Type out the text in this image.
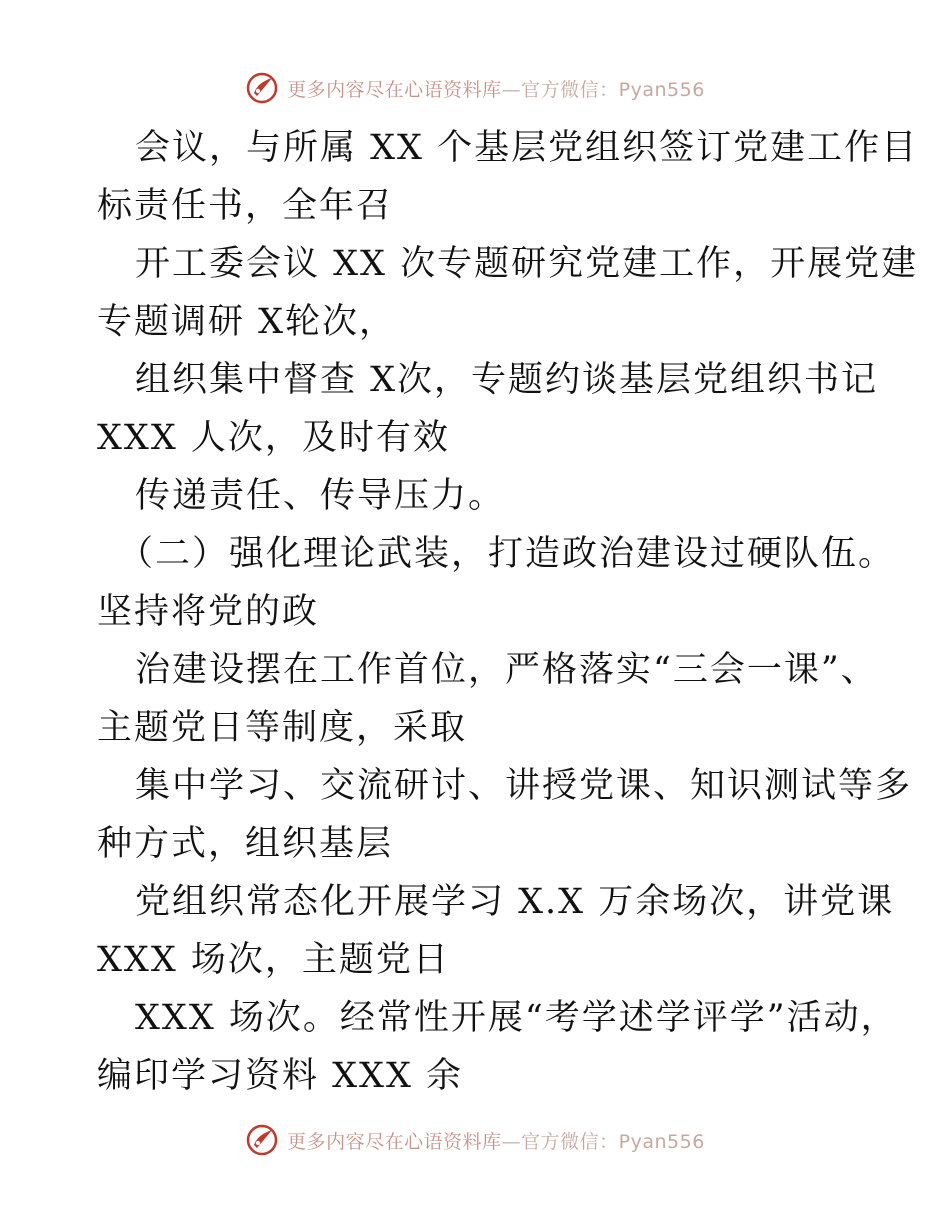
更多内容尽在心语资料库—官方微信：Pyan556
会议，与所属 XX 个基层党组织签订党建工作目
标责任书，全年召
开工委会议 XX 次专题研究党建工作，开展党建
专题调研 X轮次，
组织集中督查 X次，专题约谈基层党组织书记
XXX 人次，及时有效
传递责任、传导压力。
（二）强化理论武装，打造政治建设过硬队伍。
坚持将党的政
治建设摆在工作首位，严格落实“三会一课”、
主题党日等制度，采取
集中学习、交流研讨、讲授党课、知识测试等多
种方式，组织基层
党组织常态化开展学习 X.X 万余场次，讲党课
XXX 场次，主题党日
XXX 场次。经常性开展“考学述学评学”活动，
编印学习资料 XXX 余
更多内容尽在心语资料库—官方微信：Pyan556
